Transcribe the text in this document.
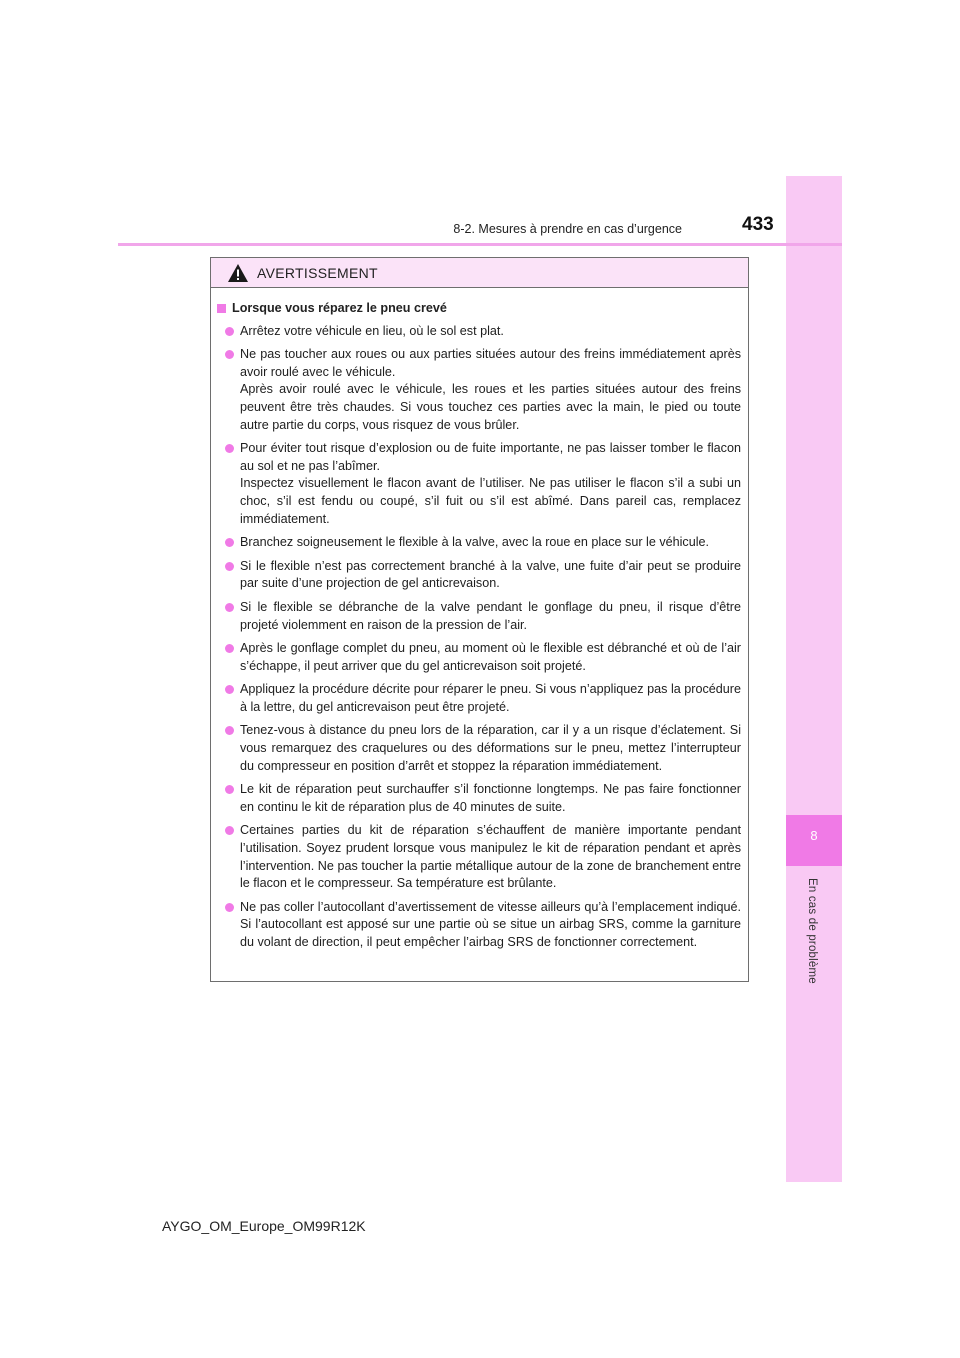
8
En cas de problème
8-2. Mesures à prendre en cas d’urgence	433
AVERTISSEMENT
Lorsque vous réparez le pneu crevé
Arrêtez votre véhicule en lieu, où le sol est plat.
Ne pas toucher aux roues ou aux parties situées autour des freins immédiatement après avoir roulé avec le véhicule.
Après avoir roulé avec le véhicule, les roues et les parties situées autour des freins peuvent être très chaudes. Si vous touchez ces parties avec la main, le pied ou toute autre partie du corps, vous risquez de vous brûler.
Pour éviter tout risque d’explosion ou de fuite importante, ne pas laisser tomber le flacon au sol et ne pas l’abîmer.
Inspectez visuellement le flacon avant de l’utiliser. Ne pas utiliser le flacon s’il a subi un choc, s’il est fendu ou coupé, s’il fuit ou s’il est abîmé. Dans pareil cas, remplacez immédiatement.
Branchez soigneusement le flexible à la valve, avec la roue en place sur le véhicule.
Si le flexible n’est pas correctement branché à la valve, une fuite d’air peut se produire par suite d’une projection de gel anticrevaison.
Si le flexible se débranche de la valve pendant le gonflage du pneu, il risque d’être projeté violemment en raison de la pression de l’air.
Après le gonflage complet du pneu, au moment où le flexible est débranché et où de l’air s’échappe, il peut arriver que du gel anticrevaison soit projeté.
Appliquez la procédure décrite pour réparer le pneu. Si vous n’appliquez pas la procédure à la lettre, du gel anticrevaison peut être projeté.
Tenez-vous à distance du pneu lors de la réparation, car il y a un risque d’éclatement. Si vous remarquez des craquelures ou des déformations sur le pneu, mettez l’interrupteur du compresseur en position d’arrêt et stoppez la réparation immédiatement.
Le kit de réparation peut surchauffer s’il fonctionne longtemps. Ne pas faire fonctionner en continu le kit de réparation plus de 40 minutes de suite.
Certaines parties du kit de réparation s’échauffent de manière importante pendant l’utilisation. Soyez prudent lorsque vous manipulez le kit de réparation pendant et après l’intervention. Ne pas toucher la partie métallique autour de la zone de branchement entre le flacon et le compresseur. Sa température est brûlante.
Ne pas coller l’autocollant d’avertissement de vitesse ailleurs qu’à l’emplacement indiqué. Si l’autocollant est apposé sur une partie où se situe un airbag SRS, comme la garniture du volant de direction, il peut empêcher l’airbag SRS de fonctionner correctement.
AYGO_OM_Europe_OM99R12K
